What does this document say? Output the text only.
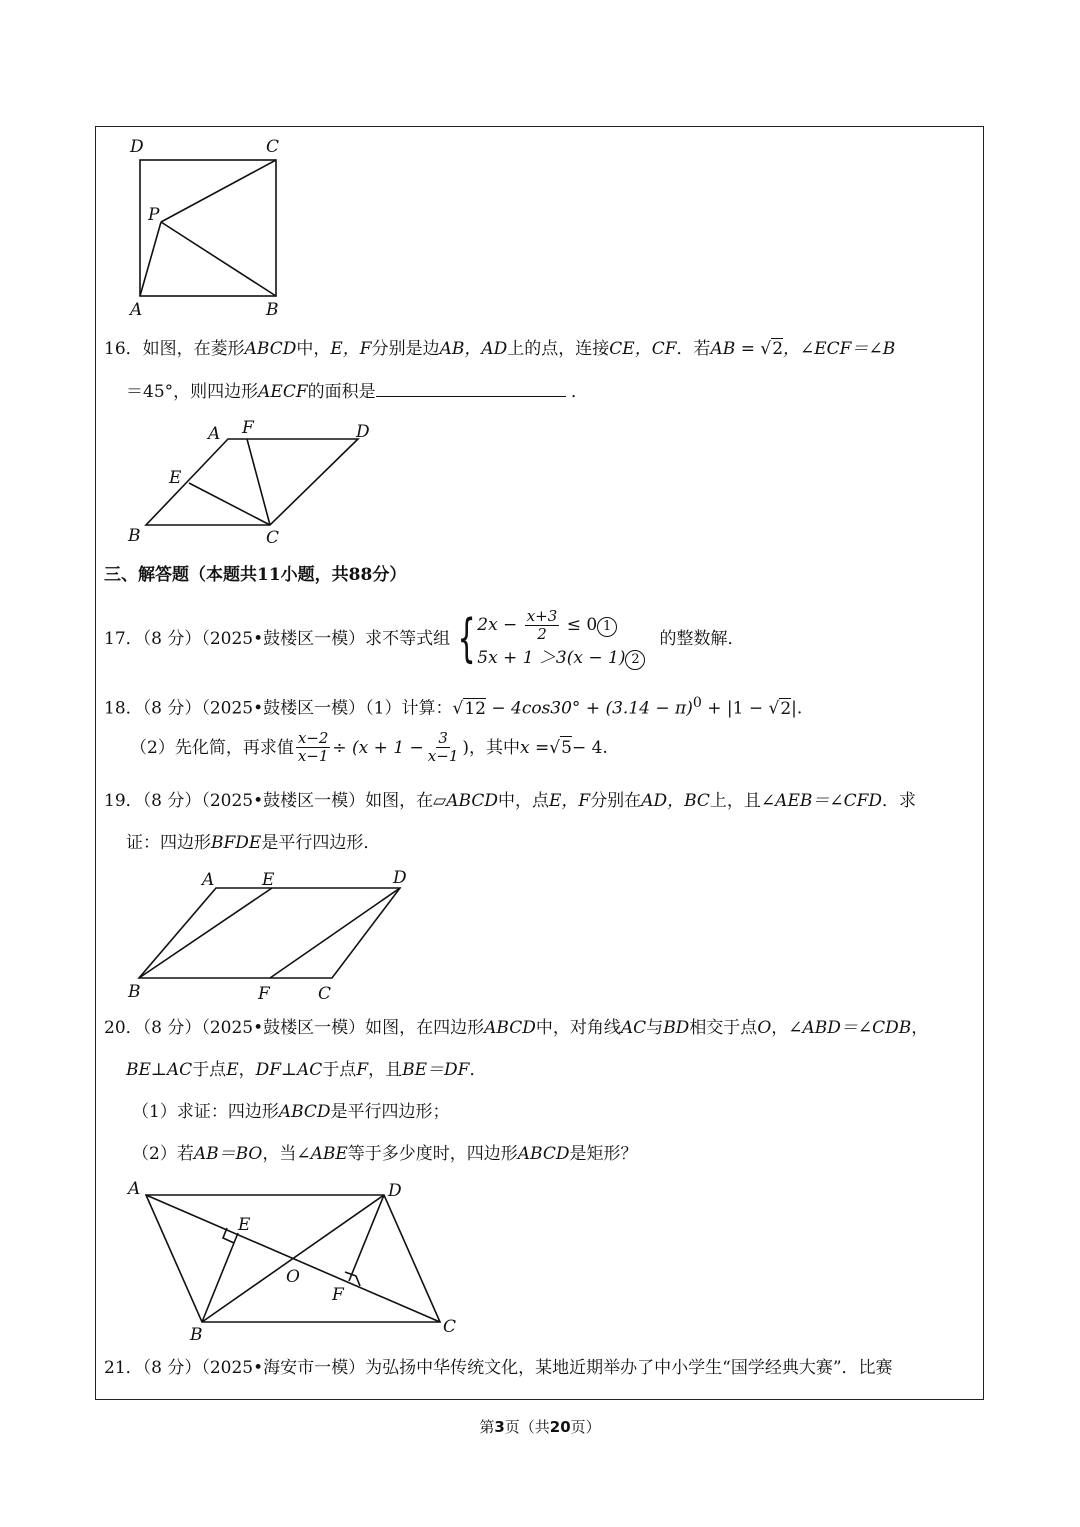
D	C
P
A	B
16．如图，在菱形ABCD中，E，F分别是边AB，AD上的点，连接CE，CF．若AB = √2，∠ECF＝∠B
＝45°，则四边形AECF的面积是	．
A F	D
E
B	C
三、解答题（本题共11小题，共88分）
17．（8 分）（2025•鼓楼区一模）求不等式组 { $2x - \frac{x+3}{2} \le 0$ 1
5x + 1 ＞3(x − 1) 2
的整数解．
18．（8 分）（2025•鼓楼区一模）（1）计算：$√12 - 4\cos 30^\circ + (3.14 - \pi)^0 + |1 - √2|$.
（2）先化简，再求值 $\frac{x-2}{x-1} \div (x + 1 - \frac{3}{x-1}$ )，其中 x = √ 5 − 4.
19．（8 分）（2025•鼓楼区一模）如图，在▱ABCD中，点E，F分别在AD，BC上，且∠AEB＝∠CFD．求
证：四边形BFDE是平行四边形．
A	E	D
B	F	C
20．（8 分）（2025•鼓楼区一模）如图，在四边形ABCD中，对角线AC与BD相交于点O，∠ABD＝∠CDB，
BE⊥AC于点E，DF⊥AC于点F，且BE＝DF．
（1）求证：四边形ABCD是平行四边形；
（2）若AB＝BO，当∠ABE等于多少度时，四边形ABCD是矩形？
A	D
E
O
F
B	C
21．（8 分）（2025•海安市一模）为弘扬中华传统文化，某地近期举办了中小学生“国学经典大赛”．比赛
第3页（共20页）
